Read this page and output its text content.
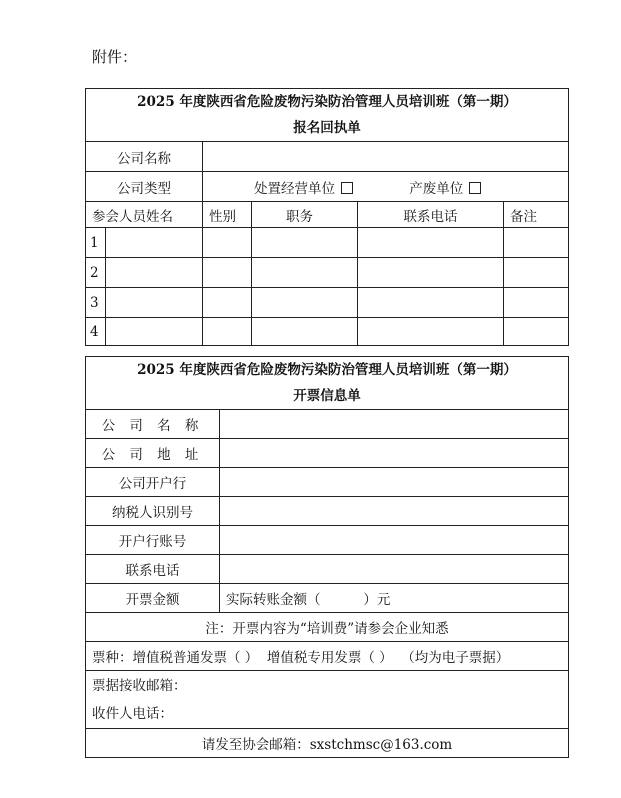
附件：
2025 年度陕西省危险废物污染防治管理人员培训班（第一期）
报名回执单					

公司名称					
公司类型		处置经营单位 产废单位			
参会人员姓名		性别	职务	联系电话	备注
1					
2					
3					
4					
2025 年度陕西省危险废物污染防治管理人员培训班（第一期）
开票信息单	

公 司 名 称	
公 司 地 址	
公司开户行	
纳税人识别号	
开户行账号	
联系电话	
开票金额	实际转账金额（          ）元
注：开票内容为“培训费”请参会企业知悉	
票种：增值税普通发票（ ）  增值税专用发票（ ）  （均为电子票据）	

票据接收邮箱：
收件人电话：	

请发至协会邮箱：sxstchmsc@163.com	
